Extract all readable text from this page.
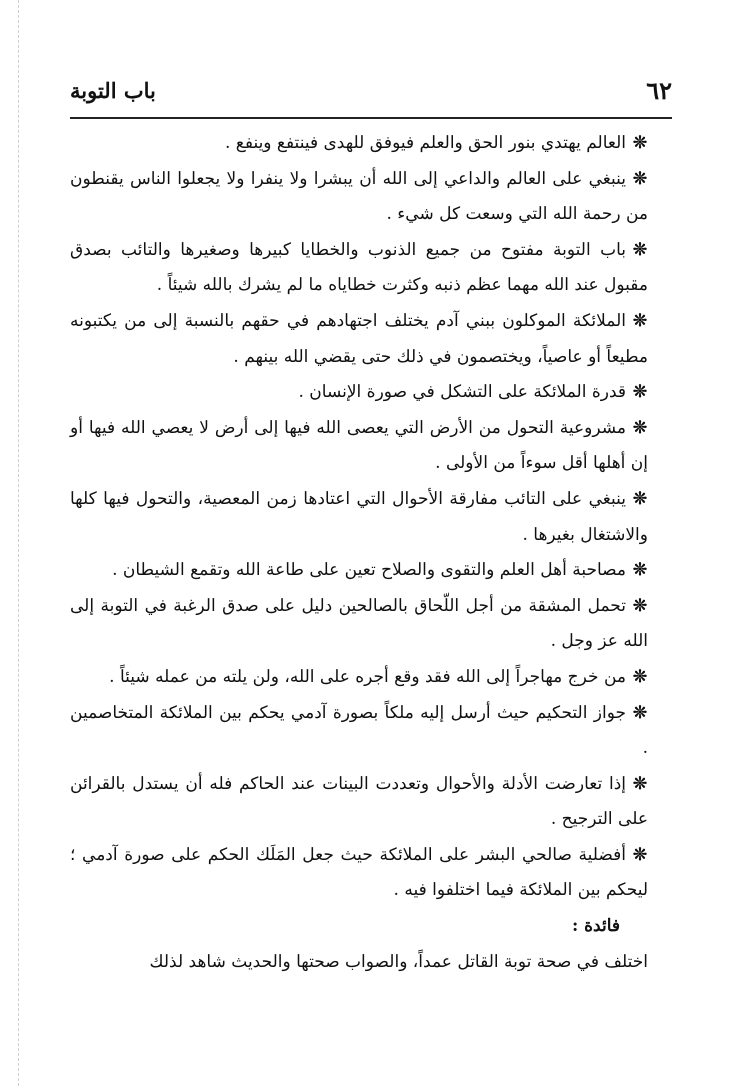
٦٢
باب التوبة

❊العالم يهتدي بنور الحق والعلم فيوفق للهدى فينتفع وينفع .

❊ينبغي على العالم والداعي إلى الله أن يبشرا ولا ينفرا ولا يجعلوا الناس يقنطون من رحمة الله التي وسعت كل شيء .

❊باب التوبة مفتوح من جميع الذنوب والخطايا كبيرها وصغيرها والتائب بصدق مقبول عند الله مهما عظم ذنبه وكثرت خطاياه ما لم يشرك بالله شيئاً .

❊الملائكة الموكلون ببني آدم يختلف اجتهادهم في حقهم بالنسبة إلى من يكتبونه مطيعاً أو عاصياً، ويختصمون في ذلك حتى يقضي الله بينهم .

❊قدرة الملائكة على التشكل في صورة الإنسان .

❊مشروعية التحول من الأرض التي يعصى الله فيها إلى أرض لا يعصي الله فيها أو إن أهلها أقل سوءاً من الأولى .

❊ينبغي على التائب مفارقة الأحوال التي اعتادها زمن المعصية، والتحول فيها كلها والاشتغال بغيرها .

❊مصاحبة أهل العلم والتقوى والصلاح تعين على طاعة الله وتقمع الشيطان .

❊تحمل المشقة من أجل اللّحاق بالصالحين دليل على صدق الرغبة في التوبة إلى الله عز وجل .

❊من خرج مهاجراً إلى الله فقد وقع أجره على الله، ولن يلته من عمله شيئاً .

❊جواز التحكيم حيث أرسل إليه ملكاً بصورة آدمي يحكم بين الملائكة المتخاصمين .

❊إذا تعارضت الأدلة والأحوال وتعددت البينات عند الحاكم فله أن يستدل بالقرائن على الترجيح .

❊أفضلية صالحي البشر على الملائكة حيث جعل المَلَك الحكم على صورة آدمي ؛ ليحكم بين الملائكة فيما اختلفوا فيه .

فائدة :

اختلف في صحة توبة القاتل عمداً، والصواب صحتها والحديث شاهد لذلك
